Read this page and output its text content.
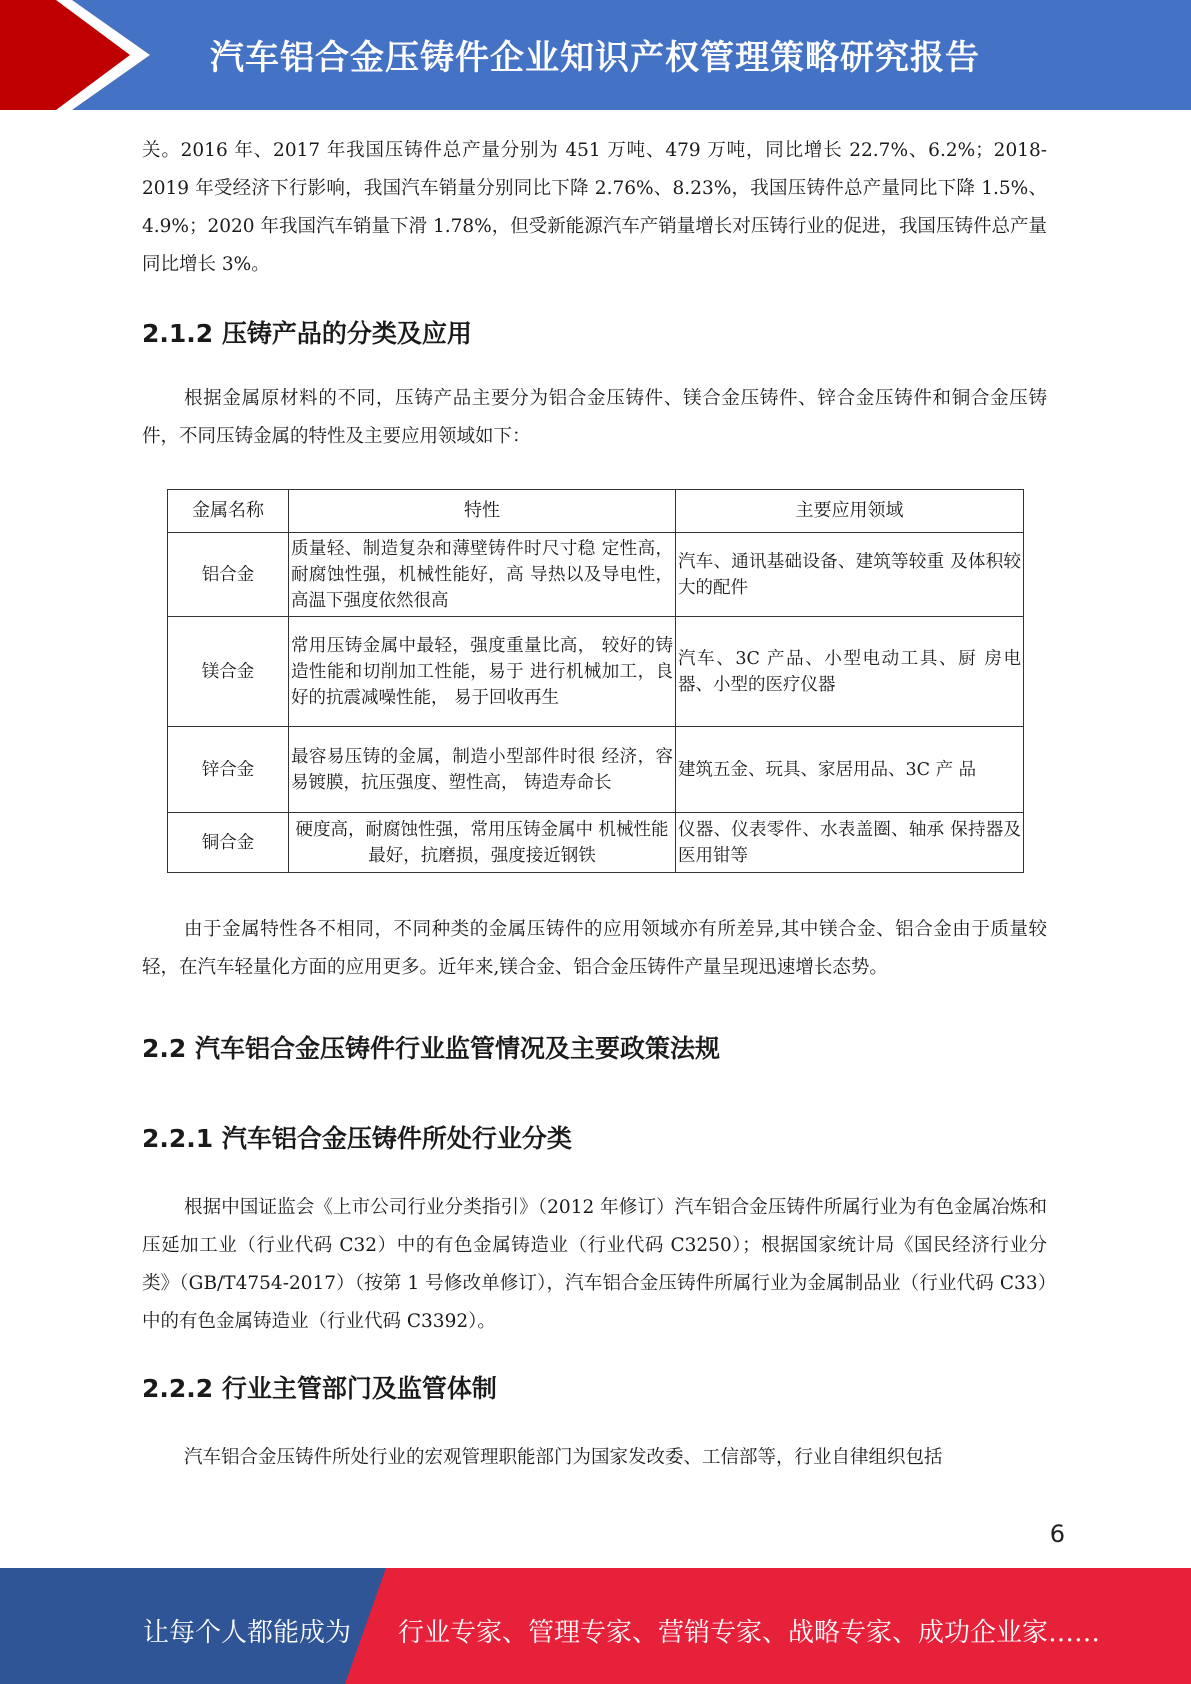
汽车铝合金压铸件企业知识产权管理策略研究报告

关。2016 年、2017 年我国压铸件总产量分别为 451 万吨、479 万吨，同比增长 22.7%、6.2%；2018-2019 年受经济下行影响，我国汽车销量分别同比下降 2.76%、8.23%，我国压铸件总产量同比下降 1.5%、4.9%；2020 年我国汽车销量下滑 1.78%，但受新能源汽车产销量增长对压铸行业的促进，我国压铸件总产量同比增长 3%。

2.1.2 压铸产品的分类及应用

根据金属原材料的不同，压铸产品主要分为铝合金压铸件、镁合金压铸件、锌合金压铸件和铜合金压铸件，不同压铸金属的特性及主要应用领域如下：

金属名称	特性	主要应用领域
铝合金	质量轻、制造复杂和薄壁铸件时尺寸稳 定性高，耐腐蚀性强，机械性能好，高 导热以及导电性，高温下强度依然很高	汽车、通讯基础设备、建筑等较重 及体积较大的配件
镁合金	常用压铸金属中最轻，强度重量比高， 较好的铸造性能和切削加工性能，易于 进行机械加工，良好的抗震减噪性能， 易于回收再生	汽车、3C 产品、小型电动工具、厨 房电器、小型的医疗仪器
锌合金	最容易压铸的金属，制造小型部件时很 经济，容易镀膜，抗压强度、塑性高， 铸造寿命长	建筑五金、玩具、家居用品、3C 产 品
铜合金	硬度高，耐腐蚀性强，常用压铸金属中 机械性能最好，抗磨损，强度接近钢铁	仪器、仪表零件、水表盖圈、轴承 保持器及医用钳等

由于金属特性各不相同，不同种类的金属压铸件的应用领域亦有所差异,其中镁合金、铝合金由于质量较轻，在汽车轻量化方面的应用更多。近年来,镁合金、铝合金压铸件产量呈现迅速增长态势。

2.2 汽车铝合金压铸件行业监管情况及主要政策法规
2.2.1 汽车铝合金压铸件所处行业分类

根据中国证监会《上市公司行业分类指引》（2012 年修订）汽车铝合金压铸件所属行业为有色金属冶炼和压延加工业（行业代码 C32）中的有色金属铸造业（行业代码 C3250）；根据国家统计局《国民经济行业分类》（GB/T4754-2017）（按第 1 号修改单修订），汽车铝合金压铸件所属行业为金属制品业（行业代码 C33）中的有色金属铸造业（行业代码 C3392）。

2.2.2 行业主管部门及监管体制

汽车铝合金压铸件所处行业的宏观管理职能部门为国家发改委、工信部等，行业自律组织包括

6
让每个人都能成为 行业专家、管理专家、营销专家、战略专家、成功企业家……
